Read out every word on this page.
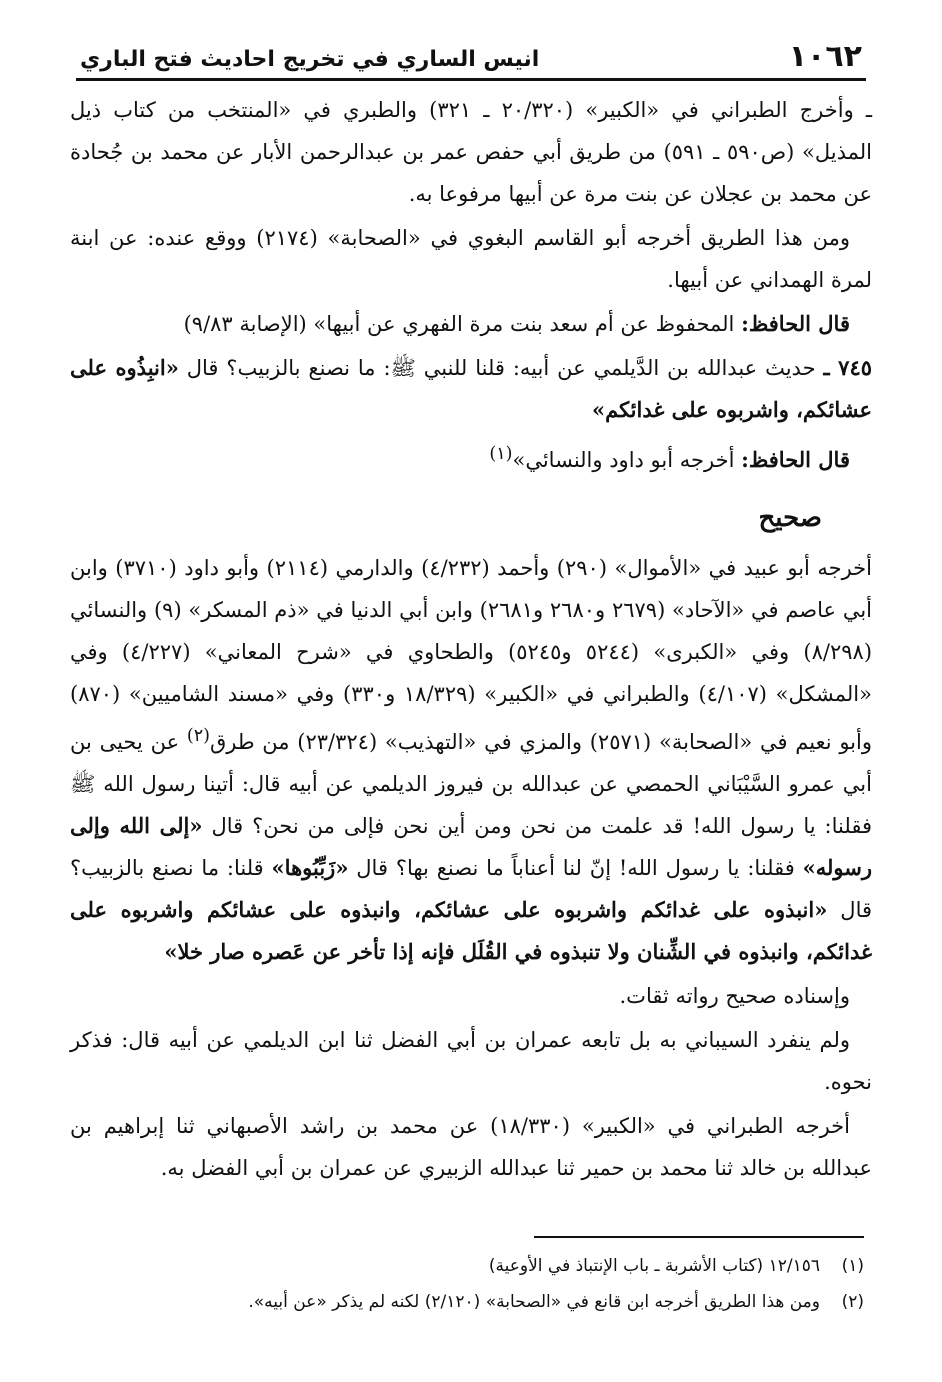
١٠٦٢
انيس الساري في تخريج احاديث فتح الباري

ـ وأخرج الطبراني في «الكبير» (٢٠/٣٢٠ ـ ٣٢١) والطبري في «المنتخب من كتاب ذيل المذيل» (ص٥٩٠ ـ ٥٩١) من طريق أبي حفص عمر بن عبدالرحمن الأبار عن محمد بن جُحادة عن محمد بن عجلان عن بنت مرة عن أبيها مرفوعا به.

ومن هذا الطريق أخرجه أبو القاسم البغوي في «الصحابة» (٢١٧٤) ووقع عنده: عن ابنة لمرة الهمداني عن أبيها.

قال الحافظ: المحفوظ عن أم سعد بنت مرة الفهري عن أبيها» (الإصابة ٩/٨٣)

٧٤٥ ـ حديث عبدالله بن الدَّيلمي عن أبيه: قلنا للنبي ﷺ: ما نصنع بالزبيب؟ قال «انبِذُوه على عشائكم، واشربوه على غدائكم»

قال الحافظ: أخرجه أبو داود والنسائي»$^{(١)}$

صحيح

أخرجه أبو عبيد في «الأموال» (٢٩٠) وأحمد (٤/٢٣٢) والدارمي (٢١١٤) وأبو داود (٣٧١٠) وابن أبي عاصم في «الآحاد» (٢٦٧٩ و٢٦٨٠ و٢٦٨١) وابن أبي الدنيا في «ذم المسكر» (٩) والنسائي (٨/٢٩٨) وفي «الكبرى» (٥٢٤٤ و٥٢٤٥) والطحاوي في «شرح المعاني» (٤/٢٢٧) وفي «المشكل» (٤/١٠٧) والطبراني في «الكبير» (١٨/٣٢٩ و٣٣٠) وفي «مسند الشاميين» (٨٧٠) وأبو نعيم في «الصحابة» (٢٥٧١) والمزي في «التهذيب» (٢٣/٣٢٤) من طرق$^{(٢)}$ عن يحيى بن أبي عمرو السَّيْبَاني الحمصي عن عبدالله بن فيروز الديلمي عن أبيه قال: أتينا رسول الله ﷺ فقلنا: يا رسول الله! قد علمت من نحن ومن أين نحن فإلى من نحن؟ قال «إلى الله وإلى رسوله» فقلنا: يا رسول الله! إنّ لنا أعناباً ما نصنع بها؟ قال «زَبِّبُوها» قلنا: ما نصنع بالزبيب؟ قال «انبذوه على غدائكم واشربوه على عشائكم، وانبذوه على عشائكم واشربوه على غدائكم، وانبذوه في الشِّنان ولا تنبذوه في القُلَل فإنه إذا تأخر عن عَصره صار خلا»

وإسناده صحيح رواته ثقات.

ولم ينفرد السيباني به بل تابعه عمران بن أبي الفضل ثنا ابن الديلمي عن أبيه قال: فذكر نحوه.

أخرجه الطبراني في «الكبير» (١٨/٣٣٠) عن محمد بن راشد الأصبهاني ثنا إبراهيم بن عبدالله بن خالد ثنا محمد بن حمير ثنا عبدالله الزبيري عن عمران بن أبي الفضل به.

(١)
١٢/١٥٦ (كتاب الأشربة ـ باب الإنتباذ في الأوعية)
(٢)
ومن هذا الطريق أخرجه ابن قانع في «الصحابة» (٢/١٢٠) لكنه لم يذكر «عن أبيه».
